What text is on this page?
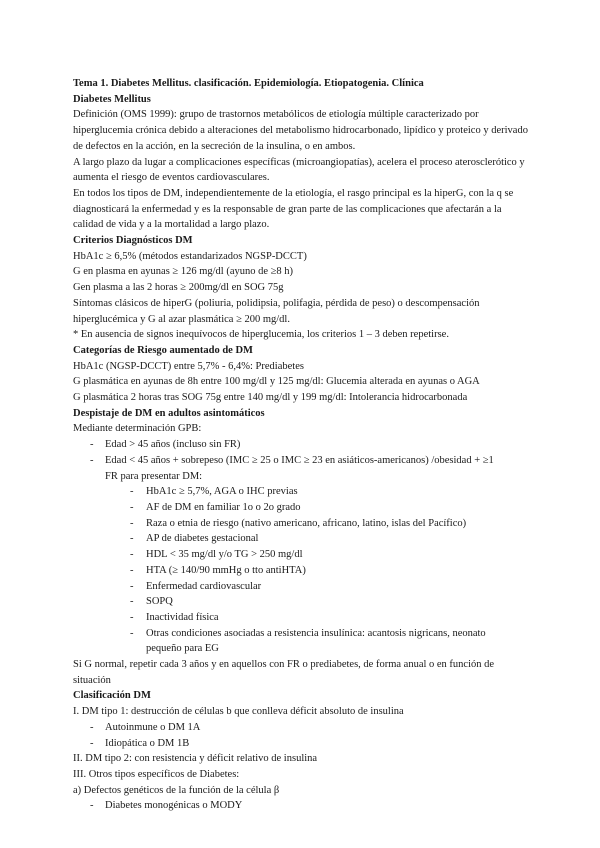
Tema 1. Diabetes Mellitus. clasificación. Epidemiología. Etiopatogenia. Clínica

Diabetes Mellitus

Definición (OMS 1999): grupo de trastornos metabólicos de etiología múltiple caracterizado por hiperglucemia crónica debido a alteraciones del metabolismo hidrocarbonado, lipídico y proteico y derivado de defectos en la acción, en la secreción de la insulina, o en ambos.

A largo plazo da lugar a complicaciones específicas (microangiopatías), acelera el proceso aterosclerótico y aumenta el riesgo de eventos cardiovasculares.

En todos los tipos de DM, independientemente de la etiología, el rasgo principal es la hiperG, con la q se diagnosticará la enfermedad y es la responsable de gran parte de las complicaciones que afectarán a la calidad de vida y a la mortalidad a largo plazo.

Criterios Diagnósticos DM

HbA1c ≥ 6,5% (métodos estandarizados NGSP-DCCT)

G en plasma en ayunas ≥ 126 mg/dl (ayuno de ≥8 h)

Gen plasma a las 2 horas ≥ 200mg/dl en SOG 75g

Síntomas clásicos de hiperG (poliuria, polidipsia, polifagia, pérdida de peso) o descompensación hiperglucémica y G al azar plasmática ≥ 200 mg/dl.

* En ausencia de signos inequívocos de hiperglucemia, los criterios 1 – 3 deben repetirse.

Categorías de Riesgo aumentado de DM

HbA1c (NGSP-DCCT) entre 5,7% - 6,4%: Prediabetes

G plasmática en ayunas de 8h entre 100 mg/dl y 125 mg/dl: Glucemia alterada en ayunas o AGA

G plasmática 2 horas tras SOG 75g entre 140 mg/dl y 199 mg/dl: Intolerancia hidrocarbonada

Despistaje de DM en adultos asintomáticos

Mediante determinación GPB:

- Edad > 45 años (incluso sin FR)

- Edad < 45 años + sobrepeso (IMC ≥ 25 o IMC ≥ 23 en asiáticos-americanos) /obesidad + ≥1

FR para presentar DM:

- HbA1c ≥ 5,7%, AGA o IHC previas

- AF de DM en familiar 1o o 2o grado

- Raza o etnia de riesgo (nativo americano, africano, latino, islas del Pacífico)

- AP de diabetes gestacional

- HDL < 35 mg/dl y/o TG > 250 mg/dl

- HTA (≥ 140/90 mmHg o tto antiHTA)

- Enfermedad cardiovascular

- SOPQ

- Inactividad física

- Otras condiciones asociadas a resistencia insulínica: acantosis nigricans, neonato

pequeño para EG

Si G normal, repetir cada 3 años y en aquellos con FR o prediabetes, de forma anual o en función de situación

Clasificación DM

I. DM tipo 1: destrucción de células b que conlleva déficit absoluto de insulina

- Autoinmune o DM 1A

- Idiopática o DM 1B

II. DM tipo 2: con resistencia y déficit relativo de insulina

III. Otros tipos específicos de Diabetes:

a) Defectos genéticos de la función de la célula β

- Diabetes monogénicas o MODY
